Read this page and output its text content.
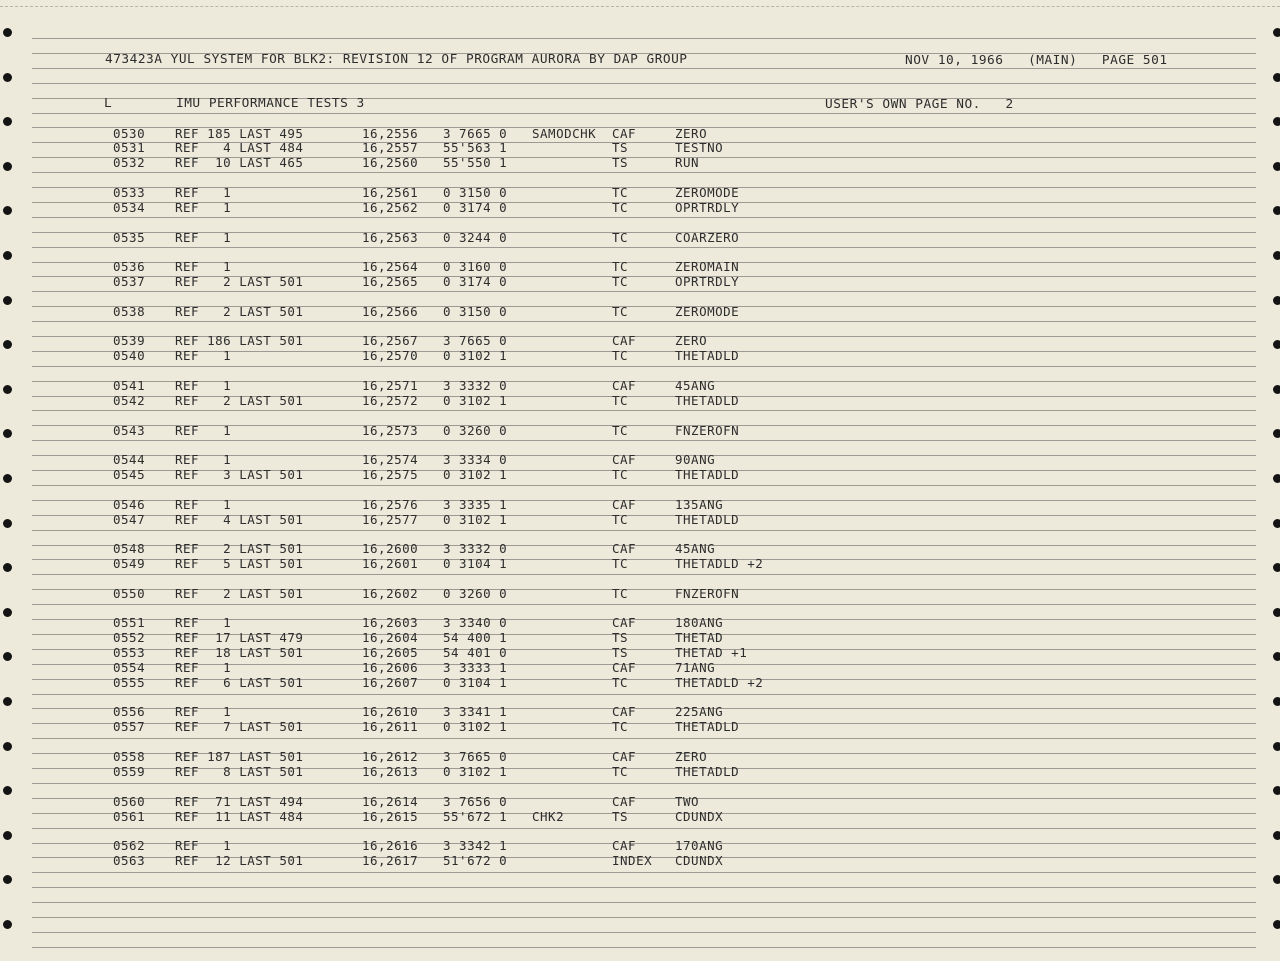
473423A YUL SYSTEM FOR BLK2: REVISION 12 OF PROGRAM AURORA BY DAP GROUP	NOV 10, 1966   (MAIN)   PAGE 501
L	IMU PERFORMANCE TESTS 3	USER'S OWN PAGE NO.   2
0530 REF 185 LAST 495	16,2556 3 7665 0 SAMODCHK CAF	ZERO
0531 REF   4 LAST 484	16,2557 55'563 1	TS	TESTNO
0532 REF  10 LAST 465	16,2560 55'550 1	TS	RUN
0533 REF   1	16,2561 0 3150 0	TC	ZEROMODE
0534 REF   1	16,2562 0 3174 0	TC	OPRTRDLY
0535 REF   1	16,2563 0 3244 0	TC	COARZERO
0536 REF   1	16,2564 0 3160 0	TC	ZEROMAIN
0537 REF   2 LAST 501	16,2565 0 3174 0	TC	OPRTRDLY
0538 REF   2 LAST 501	16,2566 0 3150 0	TC	ZEROMODE
0539 REF 186 LAST 501	16,2567 3 7665 0	CAF	ZERO
0540 REF   1	16,2570 0 3102 1	TC	THETADLD
0541 REF   1	16,2571 3 3332 0	CAF	45ANG
0542 REF   2 LAST 501	16,2572 0 3102 1	TC	THETADLD
0543 REF   1	16,2573 0 3260 0	TC	FNZEROFN
0544 REF   1	16,2574 3 3334 0	CAF	90ANG
0545 REF   3 LAST 501	16,2575 0 3102 1	TC	THETADLD
0546 REF   1	16,2576 3 3335 1	CAF	135ANG
0547 REF   4 LAST 501	16,2577 0 3102 1	TC	THETADLD
0548 REF   2 LAST 501	16,2600 3 3332 0	CAF	45ANG
0549 REF   5 LAST 501	16,2601 0 3104 1	TC	THETADLD +2
0550 REF   2 LAST 501	16,2602 0 3260 0	TC	FNZEROFN
0551 REF   1	16,2603 3 3340 0	CAF	180ANG
0552 REF  17 LAST 479	16,2604 54 400 1	TS	THETAD
0553 REF  18 LAST 501	16,2605 54 401 0	TS	THETAD +1
0554 REF   1	16,2606 3 3333 1	CAF	71ANG
0555 REF   6 LAST 501	16,2607 0 3104 1	TC	THETADLD +2
0556 REF   1	16,2610 3 3341 1	CAF	225ANG
0557 REF   7 LAST 501	16,2611 0 3102 1	TC	THETADLD
0558 REF 187 LAST 501	16,2612 3 7665 0	CAF	ZERO
0559 REF   8 LAST 501	16,2613 0 3102 1	TC	THETADLD
0560 REF  71 LAST 494	16,2614 3 7656 0	CAF	TWO
0561 REF  11 LAST 484	16,2615 55'672 1 CHK2	TS	CDUNDX
0562 REF   1	16,2616 3 3342 1	CAF	170ANG
0563 REF  12 LAST 501	16,2617 51'672 0	INDEX CDUNDX
